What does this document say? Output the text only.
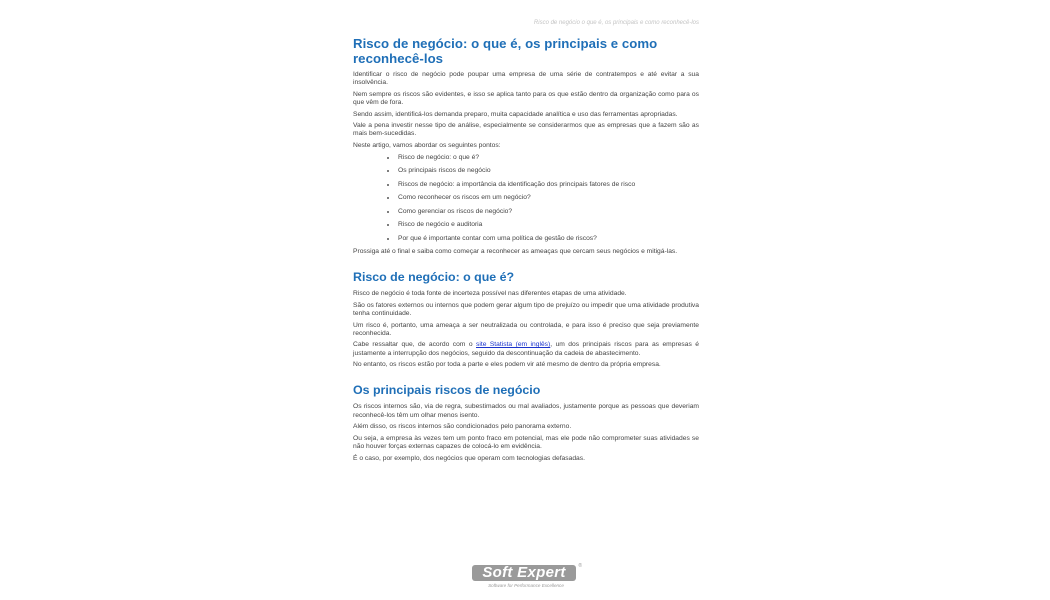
Risco de negócio o que é, os principais e como reconhecê-los
Risco de negócio: o que é, os principais e como reconhecê-los

Identificar o risco de negócio pode poupar uma empresa de uma série de contratempos e até evitar a sua insolvência.

Nem sempre os riscos são evidentes, e isso se aplica tanto para os que estão dentro da organização como para os que vêm de fora.

Sendo assim, identificá-los demanda preparo, muita capacidade analítica e uso das ferramentas apropriadas.

Vale a pena investir nesse tipo de análise, especialmente se considerarmos que as empresas que a fazem são as mais bem-sucedidas.

Neste artigo, vamos abordar os seguintes pontos:

Risco de negócio: o que é?
Os principais riscos de negócio
Riscos de negócio: a importância da identificação dos principais fatores de risco
Como reconhecer os riscos em um negócio?
Como gerenciar os riscos de negócio?
Risco de negócio e auditoria
Por que é importante contar com uma política de gestão de riscos?

Prossiga até o final e saiba como começar a reconhecer as ameaças que cercam seus negócios e mitigá-las.

Risco de negócio: o que é?

Risco de negócio é toda fonte de incerteza possível nas diferentes etapas de uma atividade.

São os fatores externos ou internos que podem gerar algum tipo de prejuízo ou impedir que uma atividade produtiva tenha continuidade.

Um risco é, portanto, uma ameaça a ser neutralizada ou controlada, e para isso é preciso que seja previamente reconhecida.

Cabe ressaltar que, de acordo com o site Statista (em inglês), um dos principais riscos para as empresas é justamente a interrupção dos negócios, seguido da descontinuação da cadeia de abastecimento.

No entanto, os riscos estão por toda a parte e eles podem vir até mesmo de dentro da própria empresa.

Os principais riscos de negócio

Os riscos internos são, via de regra, subestimados ou mal avaliados, justamente porque as pessoas que deveriam reconhecê-los têm um olhar menos isento.

Além disso, os riscos internos são condicionados pelo panorama externo.

Ou seja, a empresa às vezes tem um ponto fraco em potencial, mas ele pode não comprometer suas atividades se não houver forças externas capazes de colocá-lo em evidência.

É o caso, por exemplo, dos negócios que operam com tecnologias defasadas.

Soft Expert	®
Software for Performance Excellence
